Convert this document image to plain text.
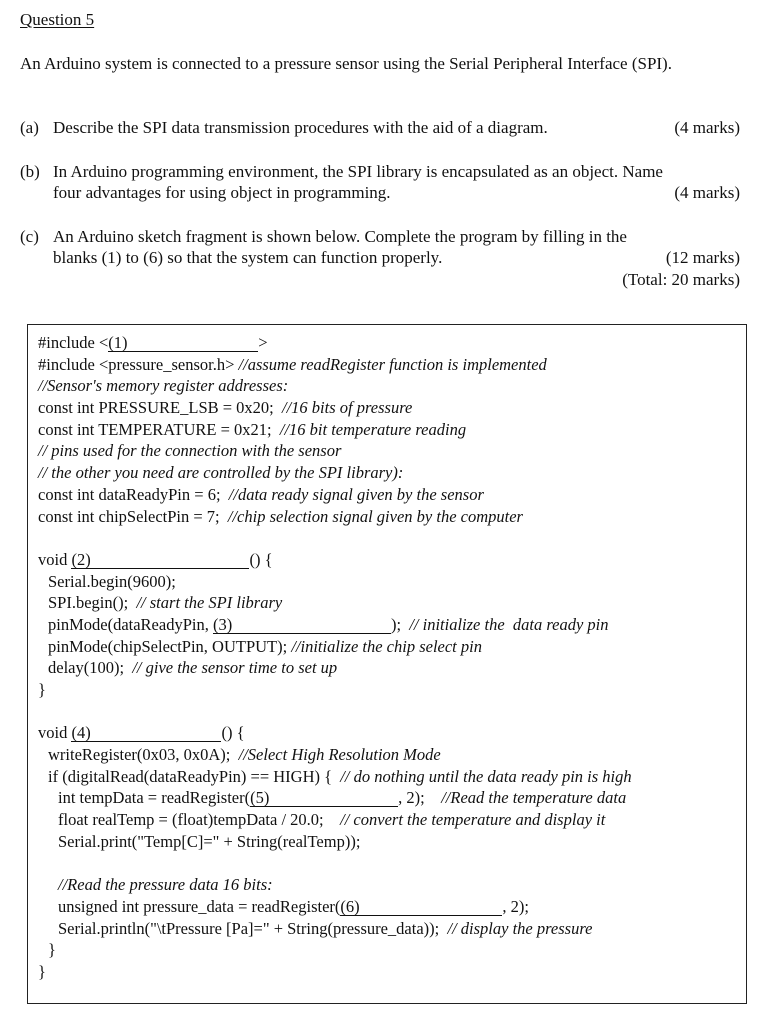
Question 5
An Arduino system is connected to a pressure sensor using the Serial Peripheral Interface (SPI).
(a) Describe the SPI data transmission procedures with the aid of a diagram.	(4 marks)
(b) In Arduino programming environment, the SPI library is encapsulated as an object. Name
four advantages for using object in programming.	(4 marks)
(c) An Arduino sketch fragment is shown below. Complete the program by filling in the
blanks (1) to (6) so that the system can function properly.	(12 marks)
(Total: 20 marks)
#include <(1)	>
#include <pressure_sensor.h> //assume readRegister function is implemented
//Sensor's memory register addresses:
const int PRESSURE_LSB = 0x20;  //16 bits of pressure
const int TEMPERATURE = 0x21;  //16 bit temperature reading
// pins used for the connection with the sensor
// the other you need are controlled by the SPI library):
const int dataReadyPin = 6;  //data ready signal given by the sensor
const int chipSelectPin = 7;  //chip selection signal given by the computer

void (2)	() {
Serial.begin(9600);
SPI.begin();  // start the SPI library
pinMode(dataReadyPin, (3)	);  // initialize the  data ready pin
pinMode(chipSelectPin, OUTPUT); //initialize the chip select pin
delay(100);  // give the sensor time to set up
}

void (4)	() {
writeRegister(0x03, 0x0A);  //Select High Resolution Mode
if (digitalRead(dataReadyPin) == HIGH) {  // do nothing until the data ready pin is high
int tempData = readRegister((5)	, 2);    //Read the temperature data
float realTemp = (float)tempData / 20.0;    // convert the temperature and display it
Serial.print("Temp[C]=" + String(realTemp));

//Read the pressure data 16 bits:
unsigned int pressure_data = readRegister((6)	, 2);
Serial.println("\tPressure [Pa]=" + String(pressure_data));  // display the pressure
}
}
